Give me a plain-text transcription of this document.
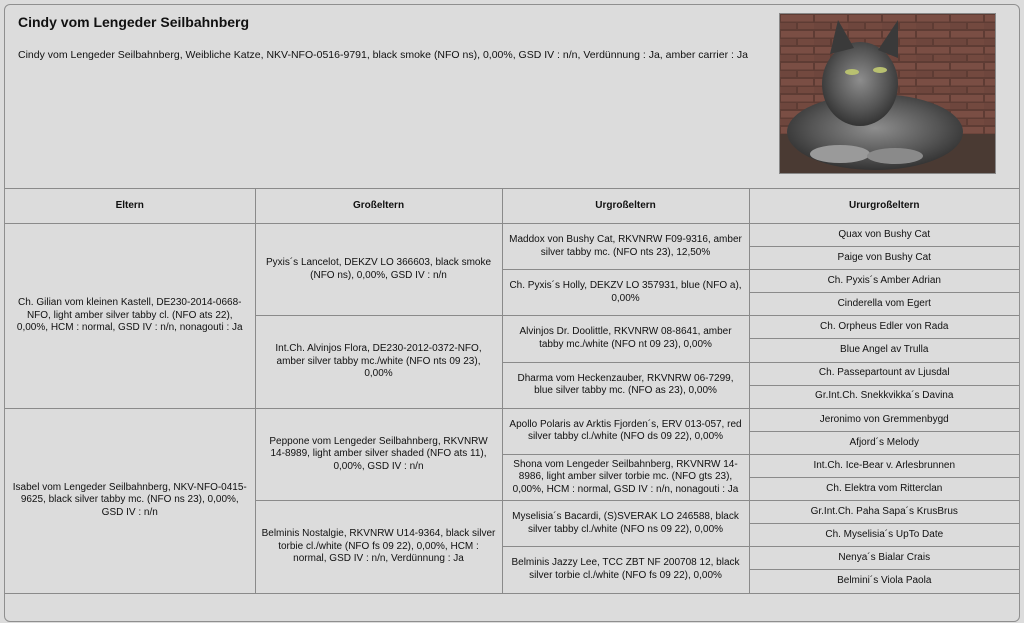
Cindy vom Lengeder Seilbahnberg
Cindy vom Lengeder Seilbahnberg, Weibliche Katze, NKV-NFO-0516-9791, black smoke (NFO ns), 0,00%, GSD IV : n/n, Verdünnung : Ja, amber carrier : Ja
Eltern	Großeltern	Urgroßeltern	Ururgroßeltern
Ch. Gilian vom kleinen Kastell, DE230-2014-0668-NFO, light amber silver tabby cl. (NFO ats 22), 0,00%, HCM : normal, GSD IV : n/n, nonagouti : Ja	Pyxis´s Lancelot, DEKZV LO 366603, black smoke (NFO ns), 0,00%, GSD IV : n/n	Maddox von Bushy Cat, RKVNRW F09-9316, amber silver tabby mc. (NFO nts 23), 12,50%	Quax von Bushy Cat
			Paige von Bushy Cat
		Ch. Pyxis´s Holly, DEKZV LO 357931, blue (NFO a), 0,00%	Ch. Pyxis´s Amber Adrian
			Cinderella vom Egert
	Int.Ch. Alvinjos Flora, DE230-2012-0372-NFO, amber silver tabby mc./white (NFO nts 09 23), 0,00%	Alvinjos Dr. Doolittle, RKVNRW 08-8641, amber tabby mc./white (NFO nt 09 23), 0,00%	Ch. Orpheus Edler von Rada
			Blue Angel av Trulla
		Dharma vom Heckenzauber, RKVNRW 06-7299, blue silver tabby mc. (NFO as 23), 0,00%	Ch. Passepartount av Ljusdal
			Gr.Int.Ch. Snekkvikka´s Davina
Isabel vom Lengeder Seilbahnberg, NKV-NFO-0415-9625, black silver tabby mc. (NFO ns 23), 0,00%, GSD IV : n/n	Peppone vom Lengeder Seilbahnberg, RKVNRW 14-8989, light amber silver shaded (NFO ats 11), 0,00%, GSD IV : n/n	Apollo Polaris av Arktis Fjorden´s, ERV 013-057, red silver tabby cl./white (NFO ds 09 22), 0,00%	Jeronimo von Gremmenbygd
			Afjord´s Melody
		Shona vom Lengeder Seilbahnberg, RKVNRW 14-8986, light amber silver torbie mc. (NFO gts 23), 0,00%, HCM : normal, GSD IV : n/n, nonagouti : Ja	Int.Ch. Ice-Bear v. Arlesbrunnen
			Ch. Elektra vom Ritterclan
	Belminis Nostalgie, RKVNRW U14-9364, black silver torbie cl./white (NFO fs 09 22), 0,00%, HCM : normal, GSD IV : n/n, Verdünnung : Ja	Myselisia´s Bacardi, (S)SVERAK LO 246588, black silver tabby cl./white (NFO ns 09 22), 0,00%	Gr.Int.Ch. Paha Sapa´s KrusBrus
			Ch. Myselisia´s UpTo Date
		Belminis Jazzy Lee, TCC ZBT NF 200708 12, black silver torbie cl./white (NFO fs 09 22), 0,00%	Nenya´s Bialar Crais
			Belmini´s Viola Paola
